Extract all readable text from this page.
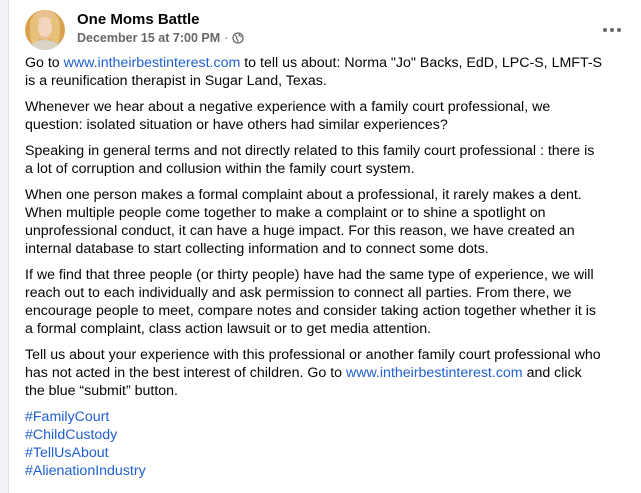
One Moms Battle
December 15 at 7:00 PM ·

Go to www.intheirbestinterest.com to tell us about: Norma "Jo" Backs, EdD, LPC-S, LMFT-S is a reunification therapist in Sugar Land, Texas.

Whenever we hear about a negative experience with a family court professional, we question: isolated situation or have others had similar experiences?

Speaking in general terms and not directly related to this family court professional : there is a lot of corruption and collusion within the family court system.

When one person makes a formal complaint about a professional, it rarely makes a dent. When multiple people come together to make a complaint or to shine a spotlight on unprofessional conduct, it can have a huge impact. For this reason, we have created an internal database to start collecting information and to connect some dots.

If we find that three people (or thirty people) have had the same type of experience, we will reach out to each individually and ask permission to connect all parties. From there, we encourage people to meet, compare notes and consider taking action together whether it is a formal complaint, class action lawsuit or to get media attention.

Tell us about your experience with this professional or another family court professional who has not acted in the best interest of children. Go to www.intheirbestinterest.com and click the blue “submit” button.

#FamilyCourt
#ChildCustody
#TellUsAbout
#AlienationIndustry
